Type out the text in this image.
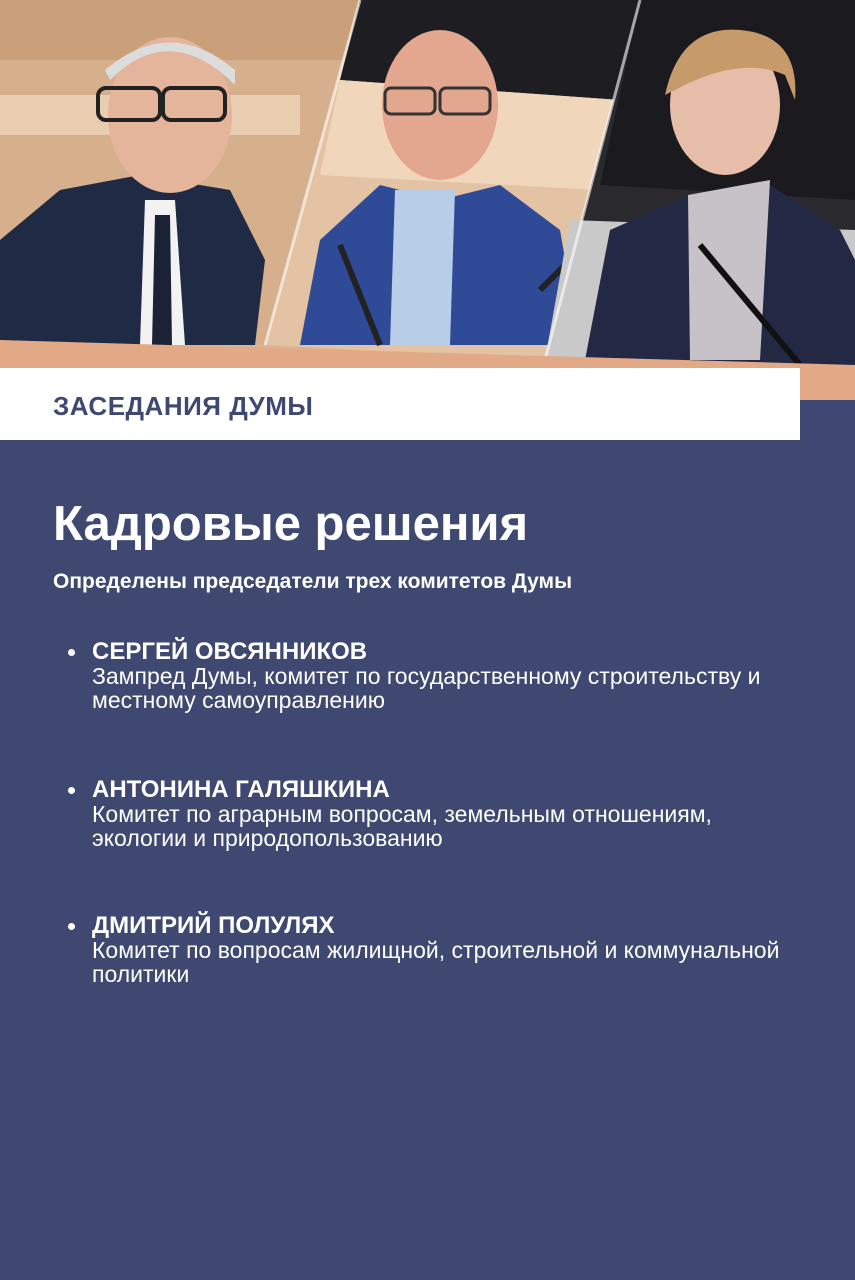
ЗАСЕДАНИЯ ДУМЫ
Кадровые решения

Определены председатели трех комитетов Думы

СЕРГЕЙ ОВСЯННИКОВ

Зампред Думы, комитет по государственному строительству и местному самоуправлению

АНТОНИНА ГАЛЯШКИНА

Комитет по аграрным вопросам, земельным отношениям, экологии и природопользованию

ДМИТРИЙ ПОЛУЛЯХ

Комитет по вопросам жилищной, строительной и коммунальной политики
